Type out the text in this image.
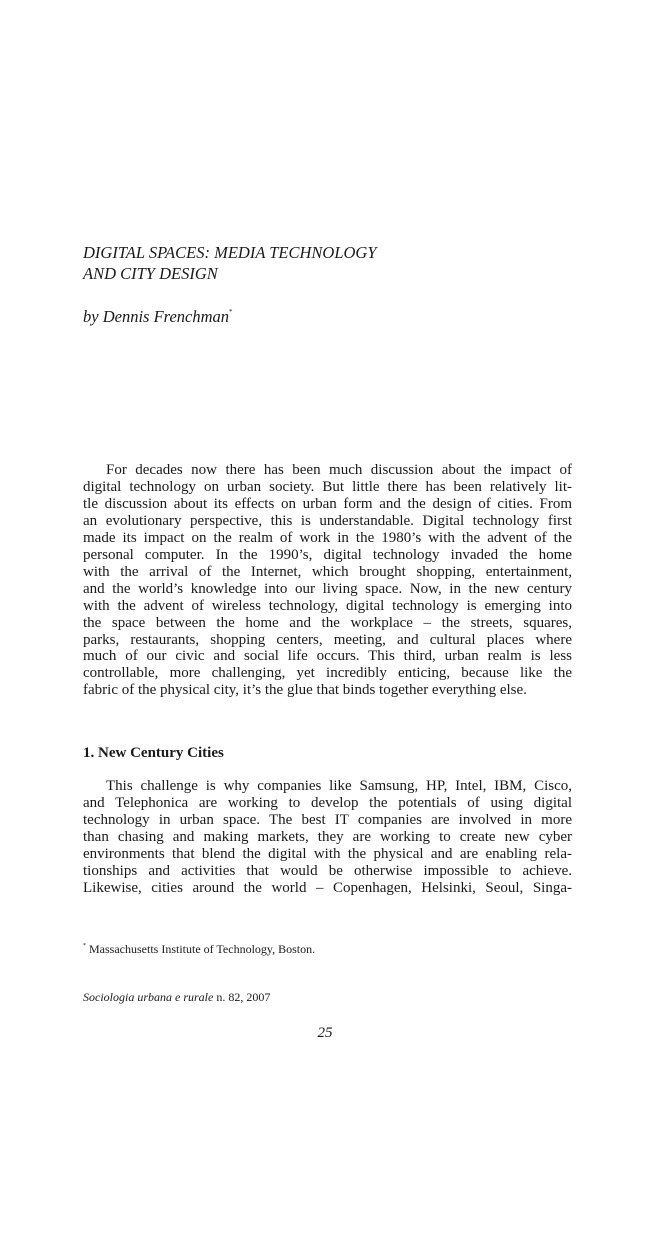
DIGITAL SPACES: MEDIA TECHNOLOGY
AND CITY DESIGN
by Dennis Frenchman*
For decades now there has been much discussion about the impact of
digital technology on urban society. But little there has been relatively lit-
tle discussion about its effects on urban form and the design of cities. From
an evolutionary perspective, this is understandable. Digital technology first
made its impact on the realm of work in the 1980’s with the advent of the
personal computer. In the 1990’s, digital technology invaded the home
with the arrival of the Internet, which brought shopping, entertainment,
and the world’s knowledge into our living space. Now, in the new century
with the advent of wireless technology, digital technology is emerging into
the space between the home and the workplace – the streets, squares,
parks, restaurants, shopping centers, meeting, and cultural places where
much of our civic and social life occurs. This third, urban realm is less
controllable, more challenging, yet incredibly enticing, because like the
fabric of the physical city, it’s the glue that binds together everything else.
1. New Century Cities
This challenge is why companies like Samsung, HP, Intel, IBM, Cisco,
and Telephonica are working to develop the potentials of using digital
technology in urban space. The best IT companies are involved in more
than chasing and making markets, they are working to create new cyber
environments that blend the digital with the physical and are enabling rela-
tionships and activities that would be otherwise impossible to achieve.
Likewise, cities around the world – Copenhagen, Helsinki, Seoul, Singa-
* Massachusetts Institute of Technology, Boston.
Sociologia urbana e rurale n. 82, 2007
25
